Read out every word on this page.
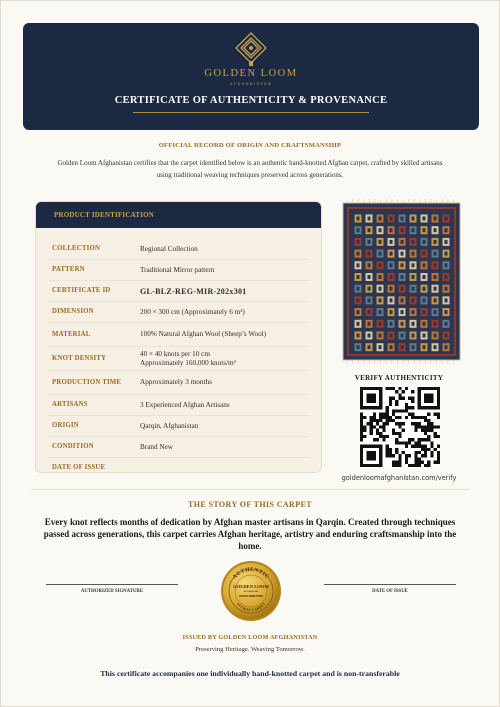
GOLDEN LOOM
AFGHANISTAN
CERTIFICATE OF AUTHENTICITY & PROVENANCE
OFFICIAL RECORD OF ORIGIN AND CRAFTSMANSHIP
Golden Loom Afghanistan certifies that the carpet identified below is an authentic hand-knotted Afghan carpet, crafted by skilled artisans using traditional weaving techniques preserved across generations.
PRODUCT IDENTIFICATION
COLLECTION	Regional Collection
PATTERN	Traditional Mirror pattern
CERTIFICATE ID	GL-BLZ-REG-MIR-202x301
DIMENSION	200 × 300 cm (Approximately 6 m²)
MATERIAL	100% Natural Afghan Wool (Sheep’s Wool)
KNOT DENSITY
40 × 40 knots per 10 cm
Approximately 160,000 knots/m²
PRODUCTION TIME	Approximately 3 months
ARTISANS	3 Experienced Afghan Artisans
ORIGIN	Qarqin, Afghanistan
CONDITION	Brand New
DATE OF ISSUE
VERIFY AUTHENTICITY
goldenloomafghanistan.com/verify
THE STORY OF THIS CARPET
Every knot reflects months of dedication by Afghan master artisans in Qarqin. Created through techniques passed across generations, this carpet carries Afghan heritage, artistry and enduring craftsmanship into the home.
AUTHORIZED SIGNATURE	DATE OF ISSUE
AUTHENTIC
AFGHAN CARPET
GOLDEN LOOM
AFGHANISTAN
HAND-KNOTTED
ISSUED BY GOLDEN LOOM AFGHANISTAN
Preserving Heritage. Weaving Tomorrow.
This certificate accompanies one individually hand-knotted carpet and is non-transferable
